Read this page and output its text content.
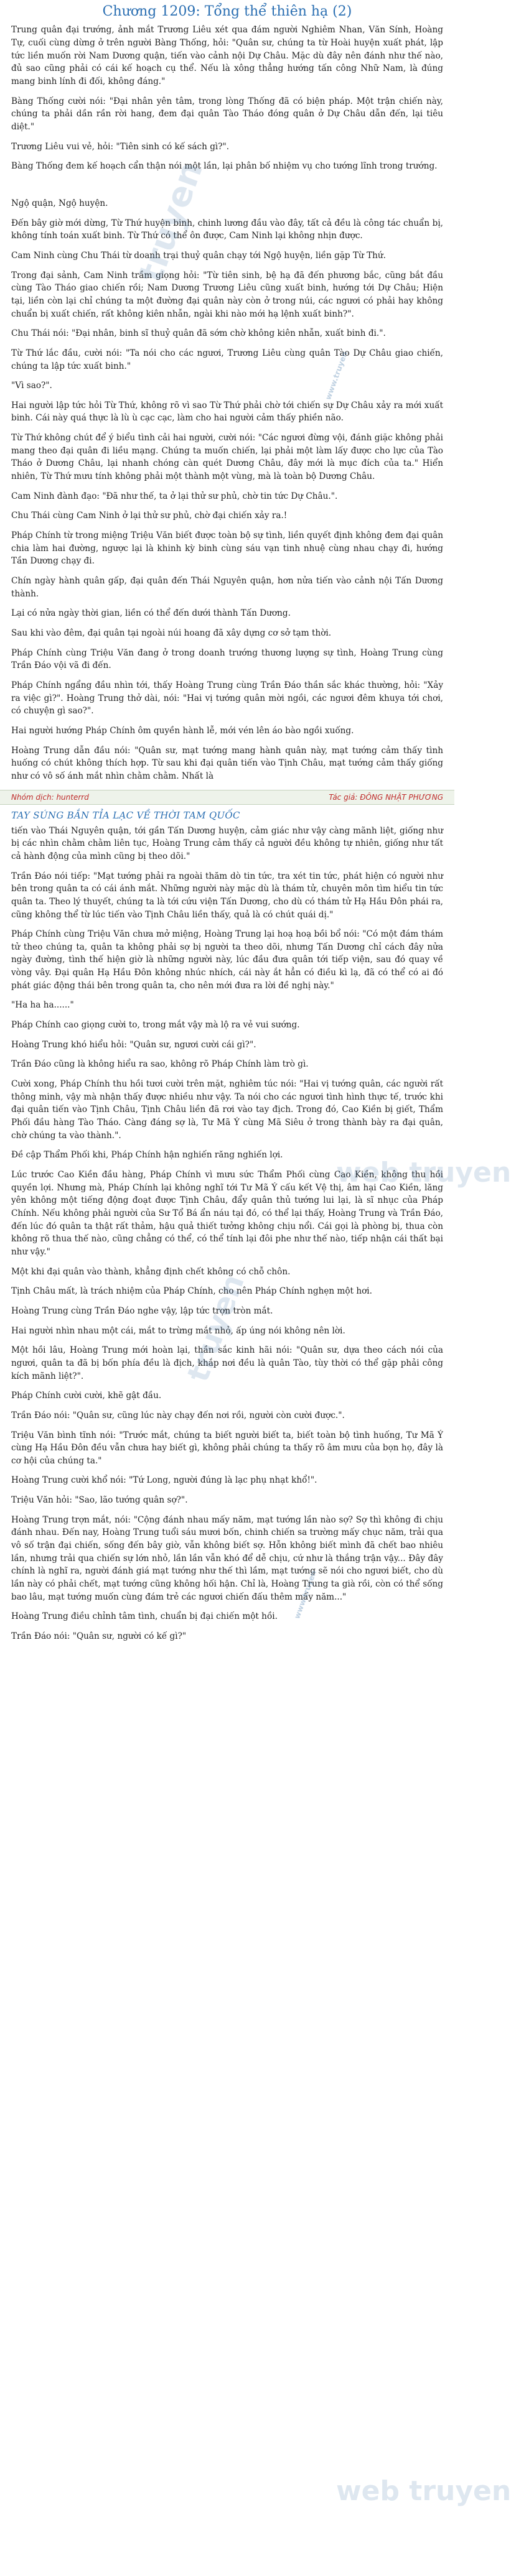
Chương 1209: Tổng thể thiên hạ (2)

Trung quân đại trướng, ảnh mắt Trương Liêu xét qua đám người Nghiêm Nhan, Văn Sính, Hoàng Tự, cuối cùng dừng ở trên người Bàng Thống, hỏi: "Quân sư, chúng ta từ Hoài huyện xuất phát, lập tức liền muốn rời Nam Dương quận, tiến vào cảnh nội Dự Châu. Mặc dù đây nên đánh như thế nào, đủ sao cũng phải có cái kế hoạch cụ thể. Nếu là xông thẳng hướng tấn công Nhữ Nam, là đúng mang binh lính đi đối, không đáng."

Bàng Thống cười nói: "Đại nhân yên tâm, trong lòng Thống đã có biện pháp. Một trận chiến này, chúng ta phải dần rần rời hang, đem đại quân Tào Tháo đóng quân ở Dự Châu dẫn đến, lại tiêu diệt."

Trương Liêu vui vẻ, hỏi: "Tiên sinh có kế sách gì?".

Bàng Thống đem kế hoạch cẩn thận nói một lần, lại phân bố nhiệm vụ cho tướng lĩnh trong trướng.

Ngộ quận, Ngộ huyện.

Đến bây giờ mới dừng, Từ Thứ huyện binh, chinh lương đầu vào đây, tất cả đều là công tác chuẩn bị, không tính toán xuất binh. Từ Thứ có thể ôn được, Cam Ninh lại không nhịn được.

Cam Ninh cùng Chu Thái từ doanh trại thuỷ quân chạy tới Ngộ huyện, liền gặp Từ Thứ.

Trong đại sảnh, Cam Ninh trầm giọng hỏi: "Từ tiên sinh, bệ hạ đã đến phương bắc, cũng bắt đầu cùng Tào Tháo giao chiến rồi; Nam Dương Trương Liêu cũng xuất binh, hướng tới Dự Châu; Hiện tại, liền còn lại chỉ chúng ta một đường đại quân này còn ở trong núi, các ngươi có phải hay không chuẩn bị xuất chiến, rất không kiên nhẫn, ngài khi nào mới hạ lệnh xuất binh?".

Chu Thái nói: "Đại nhân, binh sĩ thuỷ quân đã sớm chờ không kiên nhẫn, xuất binh đi.".

Từ Thứ lắc đầu, cười nói: "Ta nói cho các ngươi, Trương Liêu cùng quân Tào Dự Châu giao chiến, chúng ta lập tức xuất binh."

"Vì sao?".

Hai người lập tức hỏi Từ Thứ, không rõ vì sao Từ Thứ phải chờ tới chiến sự Dự Châu xảy ra mới xuất binh. Cái này quá thực là lù ù cạc cạc, làm cho hai người cảm thấy phiền não.

Từ Thứ không chút để ý biểu tình cải hai người, cười nói: "Các ngươi đừng vội, đánh giặc không phải mang theo đại quân đi liều mạng. Chúng ta muốn chiến, lại phải một làm lấy được cho lực của Tào Tháo ở Dương Châu, lại nhanh chóng càn quét Dương Châu, đây mới là mục đích của ta." Hiển nhiên, Từ Thứ mưu tính không phải một thành một vùng, mà là toàn bộ Dương Châu.

Cam Ninh đành đạo: "Đã như thế, ta ở lại thử sư phủ, chờ tin tức Dự Châu.".

Chu Thái cùng Cam Ninh ở lại thử sư phủ, chờ đại chiến xảy ra.!

Pháp Chính từ trong miệng Triệu Văn biết được toàn bộ sự tình, liền quyết định không đem đại quân chia làm hai đường, ngược lại là khinh kỳ binh cùng sáu vạn tinh nhuệ cùng nhau chạy đi, hướng Tần Dương chạy đi.

Chín ngày hành quân gấp, đại quân đến Thái Nguyên quận, hơn nửa tiến vào cảnh nội Tấn Dương thành.

Lại có nửa ngày thời gian, liền có thể đến dưới thành Tấn Dương.

Sau khi vào đêm, đại quân tại ngoài núi hoang đã xây dựng cơ sở tạm thời.

Pháp Chính cùng Triệu Văn đang ở trong doanh trướng thương lượng sự tình, Hoàng Trung cùng Trần Đáo vội vã đi đến.

Pháp Chính ngẩng đầu nhìn tới, thấy Hoàng Trung cùng Trần Đáo thần sắc khác thường, hỏi: "Xảy ra việc gì?". Hoàng Trung thở dài, nói: "Hai vị tướng quân mời ngồi, các ngươi đêm khuya tới chơi, có chuyện gì sao?".

Hai người hướng Pháp Chính ôm quyền hành lễ, mới vén lên áo bào ngồi xuống.

Hoàng Trung dẫn đầu nói: "Quân sư, mạt tướng mang hành quân này, mạt tướng cảm thấy tình huống có chút không thích hợp. Từ sau khi đại quân tiến vào Tịnh Châu, mạt tướng cảm thấy giống như có vô số ánh mắt nhìn chằm chằm. Nhất là

Nhóm dịch: hunterrd	Tác giả: ĐÔNG NHẬT PHƯƠNG
TAY SÚNG BẮN TỈA LẠC VỀ THỜI TAM QUỐC

tiến vào Thái Nguyên quận, tới gần Tấn Dương huyện, cảm giác như vậy càng mãnh liệt, giống như bị các nhìn chằm chằm liên tục, Hoàng Trung cảm thấy cả người đều không tự nhiên, giống như tất cả hành động của mình cũng bị theo dõi."

Trần Đáo nói tiếp: "Mạt tướng phải ra ngoài thăm dò tin tức, tra xét tin tức, phát hiện có người như bên trong quân ta có cái ánh mắt. Những người này mặc dù là thám tử, chuyên môn tìm hiểu tin tức quân ta. Theo lý thuyết, chúng ta là tới cứu viện Tấn Dương, cho dù có thám tử Hạ Hầu Đôn phái ra, cũng không thể từ lúc tiến vào Tịnh Châu liền thấy, quả là có chút quái dị."

Pháp Chính cùng Triệu Văn chưa mở miệng, Hoàng Trung lại hoạ hoạ bồi bổ nói: "Có một đám thám tử theo chúng ta, quân ta không phải sợ bị người ta theo dõi, nhưng Tấn Dương chỉ cách đây nửa ngày đường, tình thế hiện giờ là những người này, lúc đầu đưa quân tới tiếp viện, sau đó quay về vòng vây. Đại quân Hạ Hầu Đôn không nhúc nhích, cái này ắt hẳn có điều kì lạ, đã có thể có ai đó phát giác động thái bên trong quân ta, cho nên mới đưa ra lời đề nghị này."

"Ha ha ha......"

Pháp Chính cao giọng cười to, trong mắt vậy mà lộ ra vẻ vui sướng.

Hoàng Trung khó hiểu hỏi: "Quân sư, ngươi cười cái gì?".

Trần Đáo cũng là không hiểu ra sao, không rõ Pháp Chính làm trò gì.

Cười xong, Pháp Chính thu hồi tươi cười trên mặt, nghiêm túc nói: "Hai vị tướng quân, các người rất thông minh, vậy mà nhận thấy được nhiều như vậy. Ta nói cho các ngươi tình hình thực tế, trước khi đại quân tiến vào Tịnh Châu, Tịnh Châu liền đã rơi vào tay địch. Trong đó, Cao Kiền bị giết, Thẩm Phối đầu hàng Tào Tháo. Càng đáng sợ là, Tư Mã Ý cùng Mã Siêu ở trong thành bày ra đại quân, chờ chúng ta vào thành.".

Đề cập Thẩm Phối khi, Pháp Chính hận nghiến răng nghiến lợi.

Lúc trước Cao Kiền đầu hàng, Pháp Chính vì mưu sức Thẩm Phối cùng Cao Kiền, không thu hồi quyền lợi. Nhưng mà, Pháp Chính lại không nghĩ tới Tư Mã Ý cấu kết Vệ thị, âm hại Cao Kiền, lăng yên không một tiếng động đoạt được Tịnh Châu, đẩy quân thủ tướng lui lại, là sĩ nhục của Pháp Chính. Nếu không phải người của Sư Tổ Bá ẩn náu tại đó, có thể lại thấy, Hoàng Trung và Trần Đáo, đến lúc đó quân ta thật rất thảm, hậu quả thiết tưởng không chịu nổi. Cái gọi là phòng bị, thua còn không rõ thua thế nào, cũng chẳng có thể, có thể tính lại đôi phe như thế nào, tiếp nhận cái thất bại như vậy."

Một khi đại quân vào thành, khẳng định chết không có chỗ chôn.

Tịnh Châu mất, là trách nhiệm của Pháp Chính, cho nên Pháp Chính nghẹn một hơi.

Hoàng Trung cùng Trần Đáo nghe vậy, lập tức trợn tròn mắt.

Hai người nhìn nhau một cái, mắt to trừng mắt nhỏ, ấp úng nói không nên lời.

Một hồi lâu, Hoàng Trung mới hoàn lại, thần sắc kinh hãi nói: "Quân sư, dựa theo cách nói của ngươi, quân ta đã bị bốn phía đều là địch, khắp nơi đều là quân Tào, tùy thời có thể gặp phải công kích mãnh liệt?".

Pháp Chính cười cười, khẽ gật đầu.

Trần Đáo nói: "Quân sư, cũng lúc này chạy đến nơi rồi, người còn cười được.".

Triệu Văn bình tĩnh nói: "Trước mắt, chúng ta biết người biết ta, biết toàn bộ tình huống, Tư Mã Ý cùng Hạ Hầu Đôn đều vẫn chưa hay biết gì, không phải chúng ta thấy rõ âm mưu của bọn họ, đây là cơ hội của chúng ta."

Hoàng Trung cười khổ nói: "Tứ Long, người đúng là lạc phụ nhạt khổ!".

Triệu Văn hỏi: "Sao, lão tướng quân sợ?".

Hoàng Trung trợn mắt, nói: "Cộng đánh nhau mấy năm, mạt tướng lần nào sợ? Sợ thì không đi chịu đánh nhau. Đến nay, Hoàng Trung tuổi sáu mươi bốn, chinh chiến sa trường mấy chục năm, trải qua vô số trận đại chiến, sống đến bây giờ, vẫn không biết sợ. Hỗn không biết mình đã chết bao nhiêu lần, nhưng trải qua chiến sự lớn nhỏ, lần lần vẫn khó để dễ chịu, cứ như là thắng trận vậy... Đây đây chính là nghĩ ra, người đánh giá mạt tướng như thế thì lầm, mạt tướng sẽ nói cho ngươi biết, cho dù lần này có phải chết, mạt tướng cũng không hối hận. Chỉ là, Hoàng Trung ta già rồi, còn có thể sống bao lâu, mạt tướng muốn cùng đám trẻ các ngươi chiến đấu thêm mấy năm..."

Hoàng Trung điều chỉnh tâm tình, chuẩn bị đại chiến một hồi.

Trần Đáo nói: "Quân sư, người có kế gì?"

truyen
truyen
web truyen
web truyen
www.truyen
www.truyen
